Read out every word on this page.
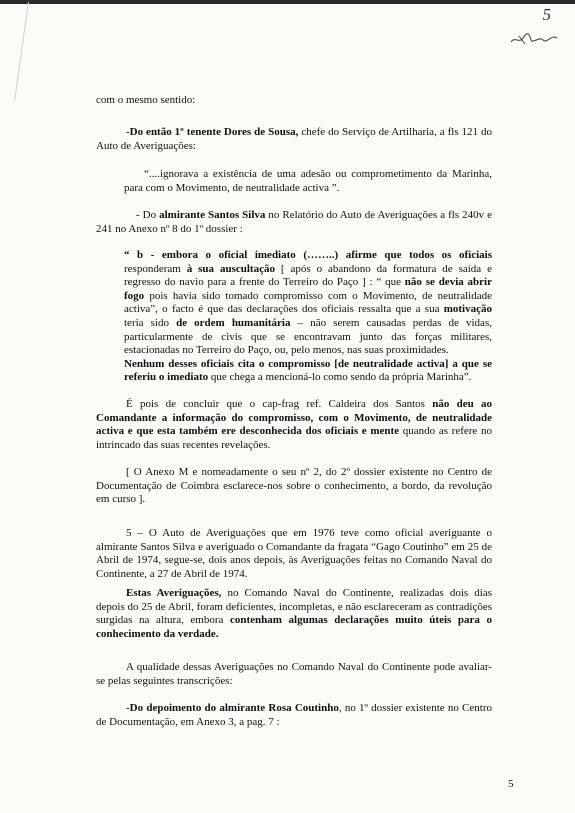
5

com o mesmo sentido:

-Do então 1º tenente Dores de Sousa, chefe do Serviço de Artilharia, a fls 121 do Auto de Averiguações:

“....ignorava a existência de uma adesão ou comprometimento da Marinha, para com o Movimento, de neutralidade activa ”.

- Do almirante Santos Silva no Relatório do Auto de Averiguações a fls 240v e 241 no Anexo nº 8 do 1º dossier :

“ b - embora o oficial imediato (……..) afirme que todos os oficiais responderam à sua auscultação [ após o abandono da formatura de saída e regresso do navio para a frente do Terreiro do Paço ] : “ que não se devia abrir fogo pois havia sido tomado compromisso com o Movimento, de neutralidade activa”, o facto é que das declarações dos oficiais ressalta que a sua motivação teria sido de ordem humanitária – não serem causadas perdas de vidas, particularmente de civis que se encontravam junto das forças militares, estacionadas no Terreiro do Paço, ou, pelo menos, nas suas proximidades.
Nenhum desses oficiais cita o compromisso [de neutralidade activa] a que se referiu o imediato que chega a mencioná-lo como sendo da própria Marinha”.

É pois de concluir que o cap-frag ref. Caldeira dos Santos não deu ao Comandante a informação do compromisso, com o Movimento, de neutralidade activa e que esta também ere desconhecida dos oficiais e mente quando as refere no intrincado das suas recentes revelações.

[ O Anexo M e nomeadamente o seu nº 2, do 2º dossier existente no Centro de Documentação de Coimbra esclarece-nos sobre o conhecimento, a bordo, da revolução em curso ].

5 – O Auto de Averiguações que em 1976 teve como oficial averiguante o almirante Santos Silva e averiguado o Comandante da fragata “Gago Coutinho” em 25 de Abril de 1974, segue-se, dois anos depois, às Averiguações feitas no Comando Naval do Continente, a 27 de Abril de 1974.

Estas Averiguações, no Comando Naval do Continente, realizadas dois dias depois do 25 de Abril, foram deficientes, incompletas, e não esclareceram as contradições surgidas na altura, embora contenham algumas declarações muito úteis para o conhecimento da verdade.

A qualidade dessas Averiguações no Comando Naval do Continente pode avaliar-se pelas seguintes transcrições:

-Do depoimento do almirante Rosa Coutinho, no 1º dossier existente no Centro de Documentação, em Anexo 3, a pag. 7 :

5
